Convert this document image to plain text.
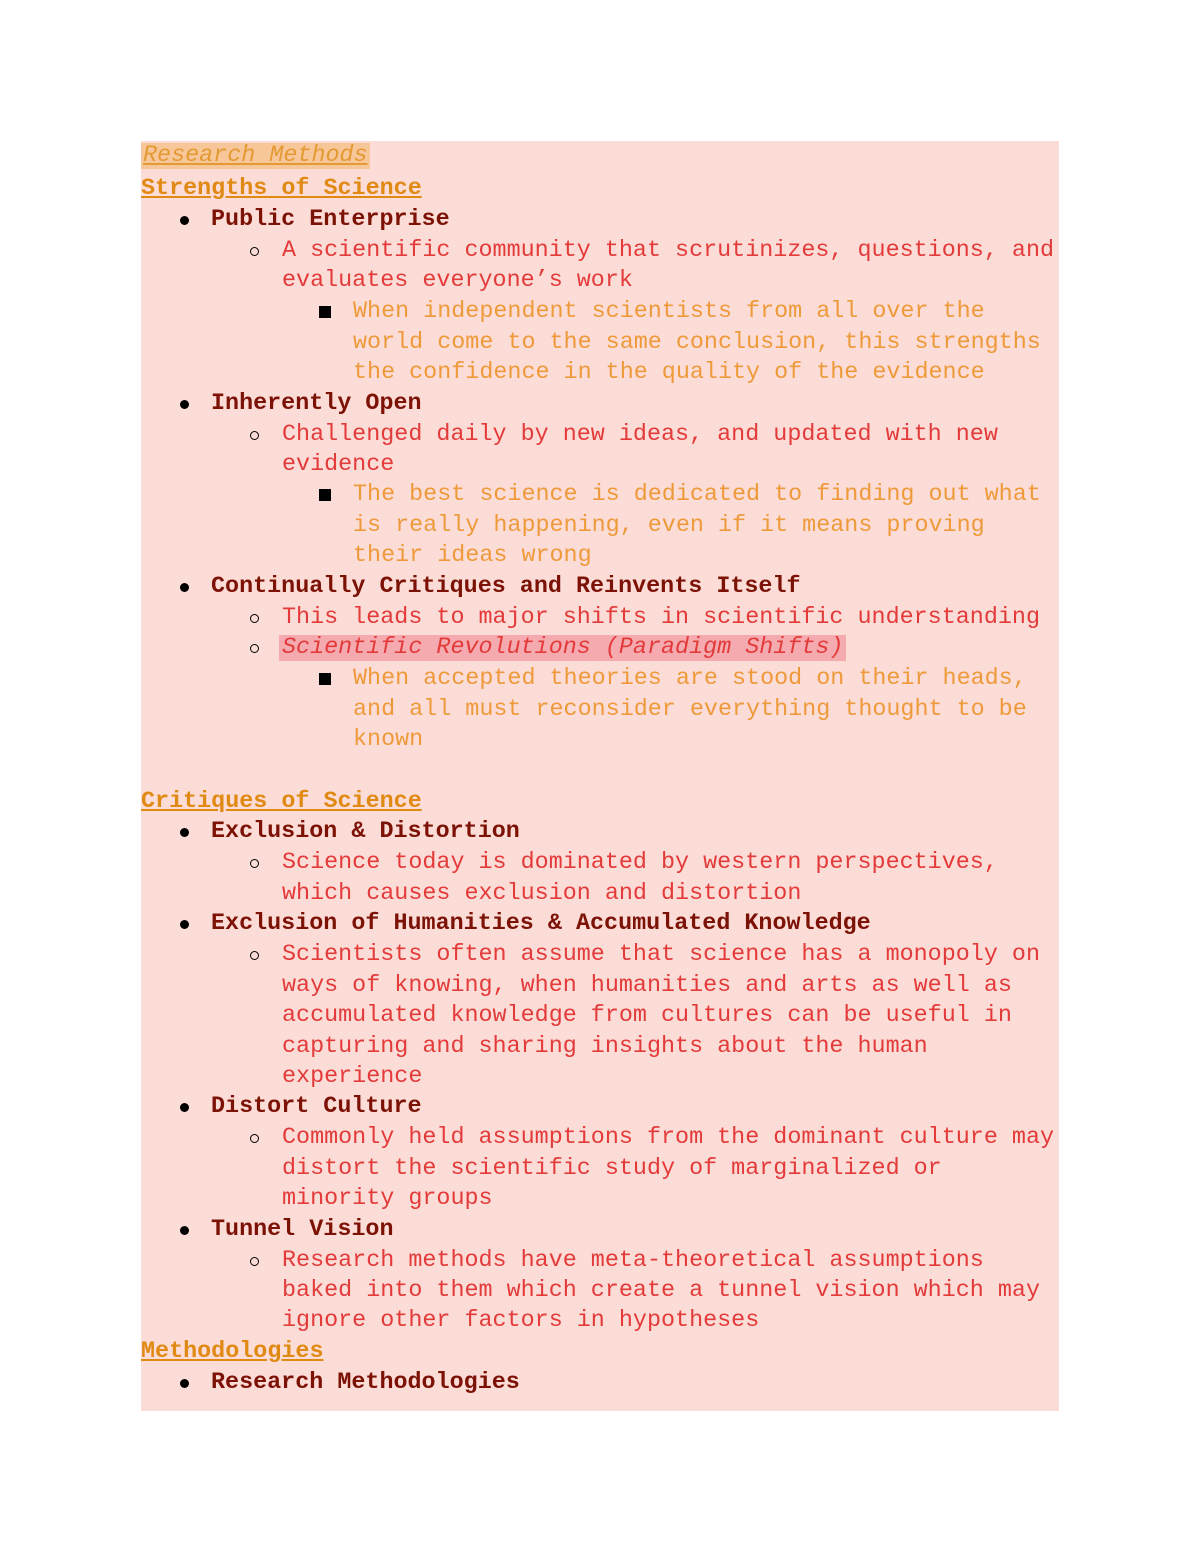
Research Methods
Strengths of Science
Public Enterprise
A scientific community that scrutinizes, questions, and
evaluates everyone’s work
When independent scientists from all over the
world come to the same conclusion, this strengths
the confidence in the quality of the evidence
Inherently Open
Challenged daily by new ideas, and updated with new
evidence
The best science is dedicated to finding out what
is really happening, even if it means proving
their ideas wrong
Continually Critiques and Reinvents Itself
This leads to major shifts in scientific understanding
Scientific Revolutions (Paradigm Shifts)
When accepted theories are stood on their heads,
and all must reconsider everything thought to be
known
Critiques of Science
Exclusion & Distortion
Science today is dominated by western perspectives,
which causes exclusion and distortion
Exclusion of Humanities & Accumulated Knowledge
Scientists often assume that science has a monopoly on
ways of knowing, when humanities and arts as well as
accumulated knowledge from cultures can be useful in
capturing and sharing insights about the human
experience
Distort Culture
Commonly held assumptions from the dominant culture may
distort the scientific study of marginalized or
minority groups
Tunnel Vision
Research methods have meta-theoretical assumptions
baked into them which create a tunnel vision which may
ignore other factors in hypotheses
Methodologies
Research Methodologies
